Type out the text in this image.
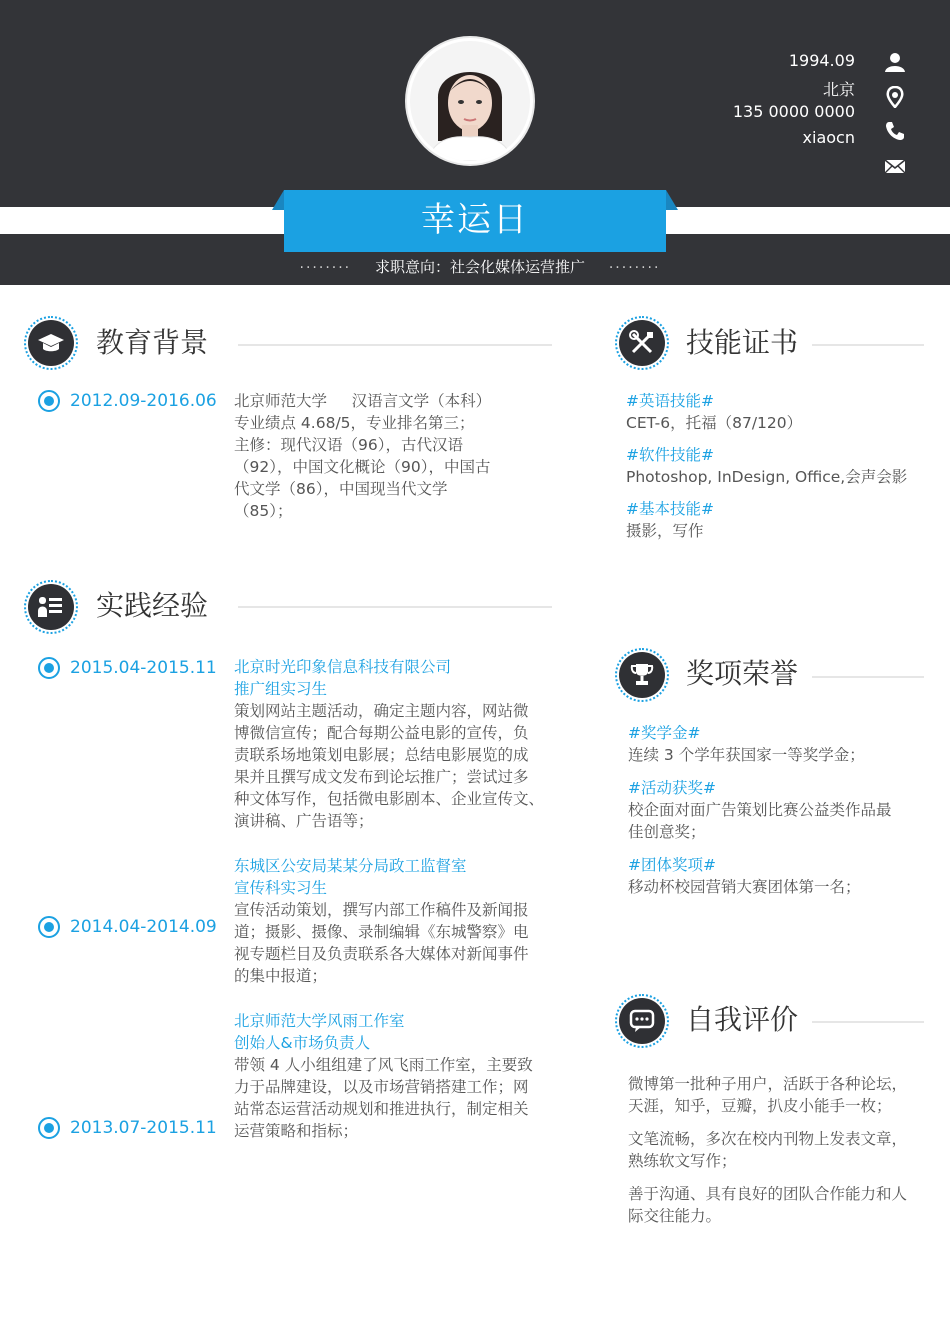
幸运日
········ 求职意向：社会化媒体运营推广 ········
1994.09
北京
135 0000 0000
xiaocn
教育背景
2012.09-2016.06 北京师范大学 汉语言文学（本科）
专业绩点 4.68/5，专业排名第三；
主修：现代汉语（96），古代汉语
（92），中国文化概论（90），中国古
代文学（86），中国现当代文学
（85）；
实践经验
2015.04-2015.11 北京时光印象信息科技有限公司
推广组实习生
策划网站主题活动，确定主题内容，网站微
博微信宣传；配合每期公益电影的宣传，负
责联系场地策划电影展；总结电影展览的成
果并且撰写成文发布到论坛推广；尝试过多
种文体写作，包括微电影剧本、企业宣传文、
演讲稿、广告语等；
2014.04-2014.09
东城区公安局某某分局政工监督室
宣传科实习生
宣传活动策划，撰写内部工作稿件及新闻报
道；摄影、摄像、录制编辑《东城警察》电
视专题栏目及负责联系各大媒体对新闻事件
的集中报道；
2013.07-2015.11
北京师范大学风雨工作室
创始人&市场负责人
带领 4 人小组组建了风飞雨工作室，主要致
力于品牌建设，以及市场营销搭建工作；网
站常态运营活动规划和推进执行，制定相关
运营策略和指标；
技能证书
#英语技能#
CET-6，托福（87/120）
#软件技能#
Photoshop, InDesign, Office,会声会影
#基本技能#
摄影，写作
奖项荣誉
#奖学金#
连续 3 个学年获国家一等奖学金；
#活动获奖#
校企面对面广告策划比赛公益类作品最
佳创意奖；
#团体奖项#
移动杯校园营销大赛团体第一名；
自我评价
微博第一批种子用户，活跃于各种论坛，
天涯，知乎，豆瓣，扒皮小能手一枚；
文笔流畅，多次在校内刊物上发表文章，
熟练软文写作；
善于沟通、具有良好的团队合作能力和人
际交往能力。
